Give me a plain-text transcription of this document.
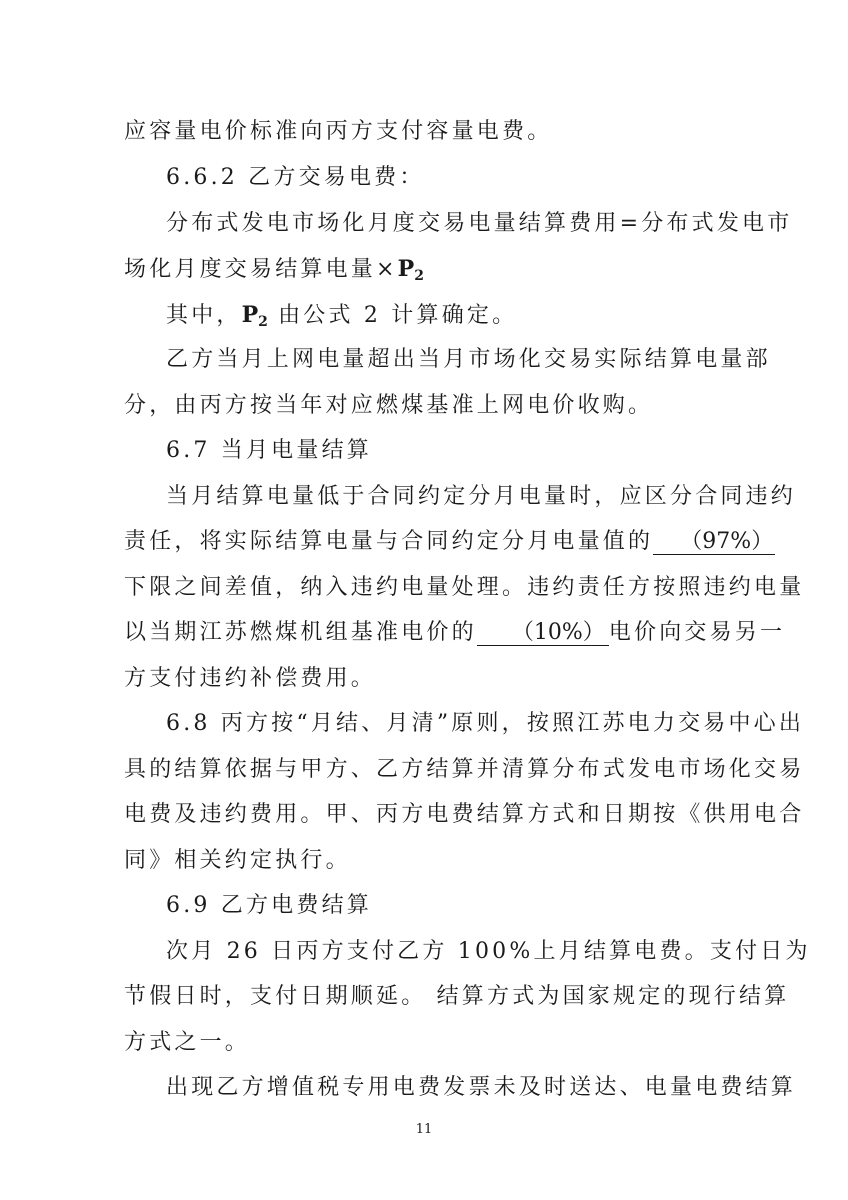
应容量电价标准向丙方支付容量电费。
6.6.2 乙方交易电费：
分布式发电市场化月度交易电量结算费用=分布式发电市
场化月度交易结算电量$\times P_2$
其中，$P_2$ 由公式 2 计算确定。
乙方当月上网电量超出当月市场化交易实际结算电量部
分，由丙方按当年对应燃煤基准上网电价收购。
6.7 当月电量结算
当月结算电量低于合同约定分月电量时，应区分合同违约
责任，将实际结算电量与合同约定分月电量值的 （97%）
下限之间差值，纳入违约电量处理。违约责任方按照违约电量
以当期江苏燃煤机组基准电价的 （10%） 电价向交易另一
方支付违约补偿费用。
6.8 丙方按“月结、月清”原则，按照江苏电力交易中心出
具的结算依据与甲方、乙方结算并清算分布式发电市场化交易
电费及违约费用。甲、丙方电费结算方式和日期按《供用电合
同》相关约定执行。
6.9 乙方电费结算
次月 26 日丙方支付乙方 100%上月结算电费。支付日为
节假日时，支付日期顺延。 结算方式为国家规定的现行结算
方式之一。
出现乙方增值税专用电费发票未及时送达、电量电费结算
11
